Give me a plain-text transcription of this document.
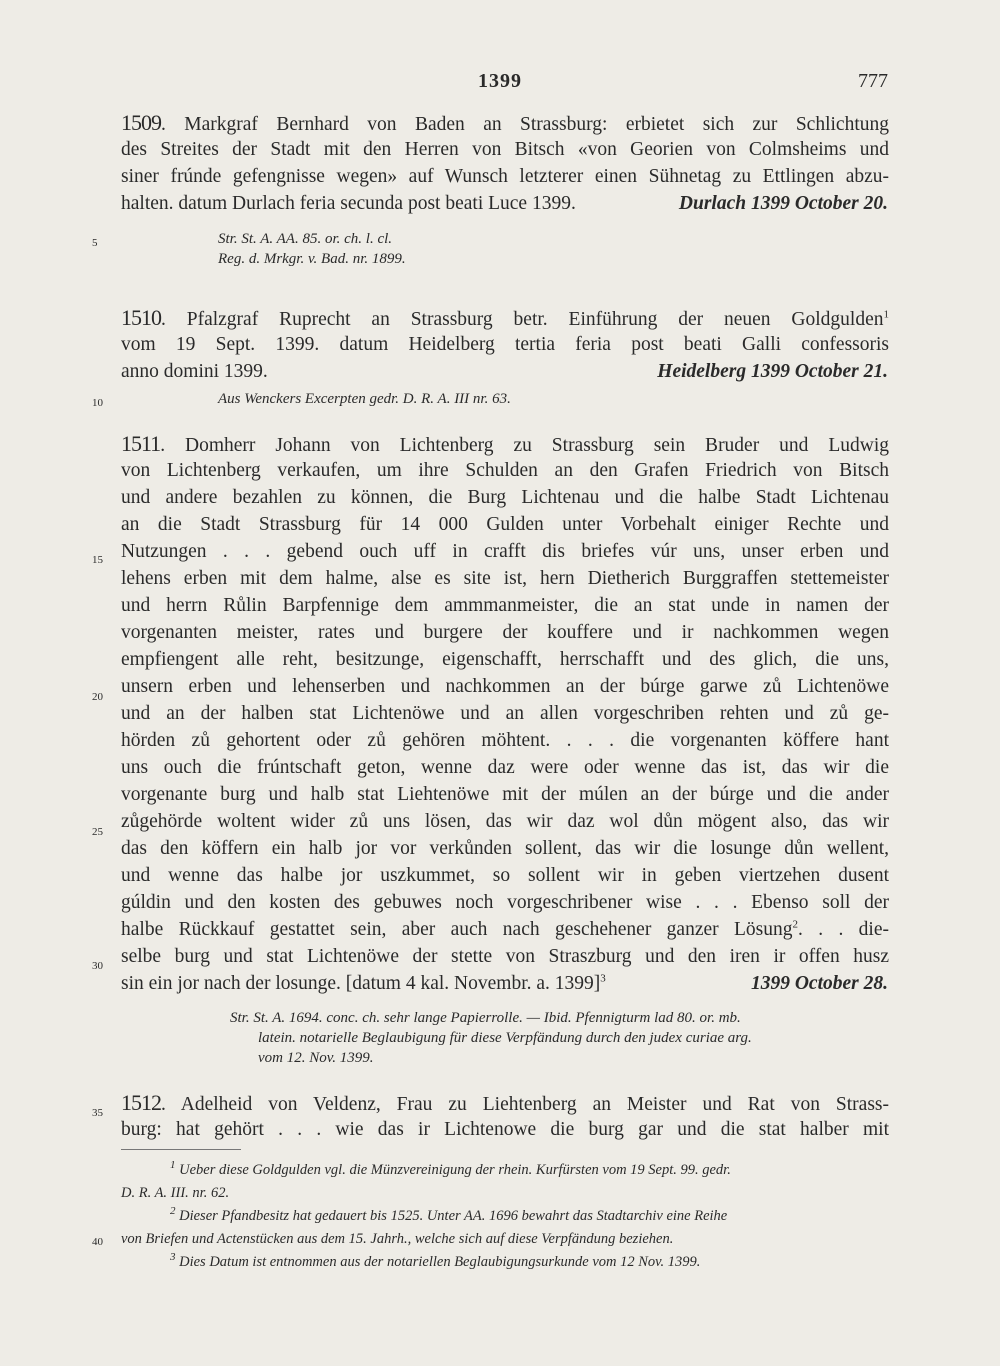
1399	777
1509. Markgraf Bernhard von Baden an Strassburg: erbietet sich zur Schlichtung
des Streites der Stadt mit den Herren von Bitsch «von Georien von Colmsheims und
siner frúnde gefengnisse wegen» auf Wunsch letzterer einen Sühnetag zu Ettlingen abzu-
halten. datum Durlach feria secunda post beati Luce 1399.	Durlach 1399 October 20.
Str. St. A. AA. 85. or. ch. l. cl.
Reg. d. Mrkgr. v. Bad. nr. 1899.
1510. Pfalzgraf Ruprecht an Strassburg betr. Einführung der neuen Goldgulden$^1$
vom 19 Sept. 1399. datum Heidelberg tertia feria post beati Galli confessoris
anno domini 1399.	Heidelberg 1399 October 21.
Aus Wenckers Excerpten gedr. D. R. A. III nr. 63.
1511. Domherr Johann von Lichtenberg zu Strassburg sein Bruder und Ludwig
von Lichtenberg verkaufen, um ihre Schulden an den Grafen Friedrich von Bitsch
und andere bezahlen zu können, die Burg Lichtenau und die halbe Stadt Lichtenau
an die Stadt Strassburg für 14 000 Gulden unter Vorbehalt einiger Rechte und
Nutzungen . . . gebend ouch uff in crafft dis briefes vúr uns, unser erben und
lehens erben mit dem halme, alse es site ist, hern Dietherich Burggraffen stettemeister
und herrn Růlin Barpfennige dem ammmanmeister, die an stat unde in namen der
vorgenanten meister, rates und burgere der kouffere und ir nachkommen wegen
empfiengent alle reht, besitzunge, eigenschafft, herrschafft und des glich, die uns,
unsern erben und lehenserben und nachkommen an der búrge garwe zů Lichtenöwe
und an der halben stat Lichtenöwe und an allen vorgeschriben rehten und zů ge-
hörden zů gehortent oder zů gehören möhtent. . . . die vorgenanten köffere hant
uns ouch die frúntschaft geton, wenne daz were oder wenne das ist, das wir die
vorgenante burg und halb stat Liehtenöwe mit der múlen an der búrge und die ander
zůgehörde woltent wider zů uns lösen, das wir daz wol důn mögent also, das wir
das den köffern ein halb jor vor verkůnden sollent, das wir die losunge důn wellent,
und wenne das halbe jor uszkummet, so sollent wir in geben viertzehen dusent
gúldin und den kosten des gebuwes noch vorgeschribener wise . . . Ebenso soll der
halbe Rückkauf gestattet sein, aber auch nach geschehener ganzer Lösung$^2$. . . die-
selbe burg und stat Lichtenöwe der stette von Straszburg und den iren ir offen husz
sin ein jor nach der losunge. [datum 4 kal. Novembr. a. 1399]$^3$	1399 October 28.
Str. St. A. 1694. conc. ch. sehr lange Papierrolle. — Ibid. Pfennigturm lad 80. or. mb.
latein. notarielle Beglaubigung für diese Verpfändung durch den judex curiae arg.
vom 12. Nov. 1399.
1512. Adelheid von Veldenz, Frau zu Liehtenberg an Meister und Rat von Strass-
burg: hat gehört . . . wie das ir Lichtenowe die burg gar und die stat halber mit
5
10
15
20
25
30
35
40
$^1$ Ueber diese Goldgulden vgl. die Münzvereinigung der rhein. Kurfürsten vom 19 Sept. 99. gedr.
D. R. A. III. nr. 62.
$^2$ Dieser Pfandbesitz hat gedauert bis 1525. Unter AA. 1696 bewahrt das Stadtarchiv eine Reihe
von Briefen und Actenstücken aus dem 15. Jahrh., welche sich auf diese Verpfändung beziehen.
$^3$ Dies Datum ist entnommen aus der notariellen Beglaubigungsurkunde vom 12 Nov. 1399.
